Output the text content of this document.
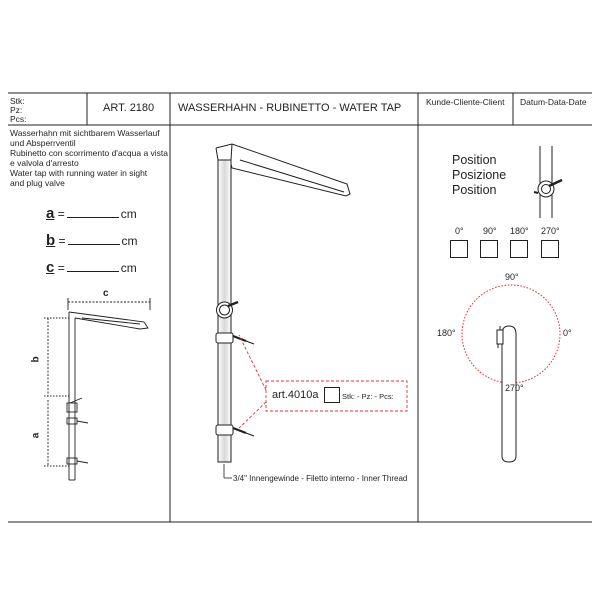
Stk:
Pz:
Pcs:
ART. 2180 WASSERHAHN - RUBINETTO - WATER TAP	Kunde-Cliente-Client Datum-Data-Date
Wasserhahn mit sichtbarem Wasserlauf
und Absperrventil
Rubinetto con scorrimento d'acqua a vista
e valvola d'arresto
Water tap with running water in sight
and plug valve
a =	cm
b =	cm
c =	cm
c
b
a
art.4010a	Stk: - Pz: - Pcs:
3/4" Innengewinde - Filetto interno - Inner Thread
Position
Posizione
Position
0° 90° 180° 270°
90°
180°	0°
270°
